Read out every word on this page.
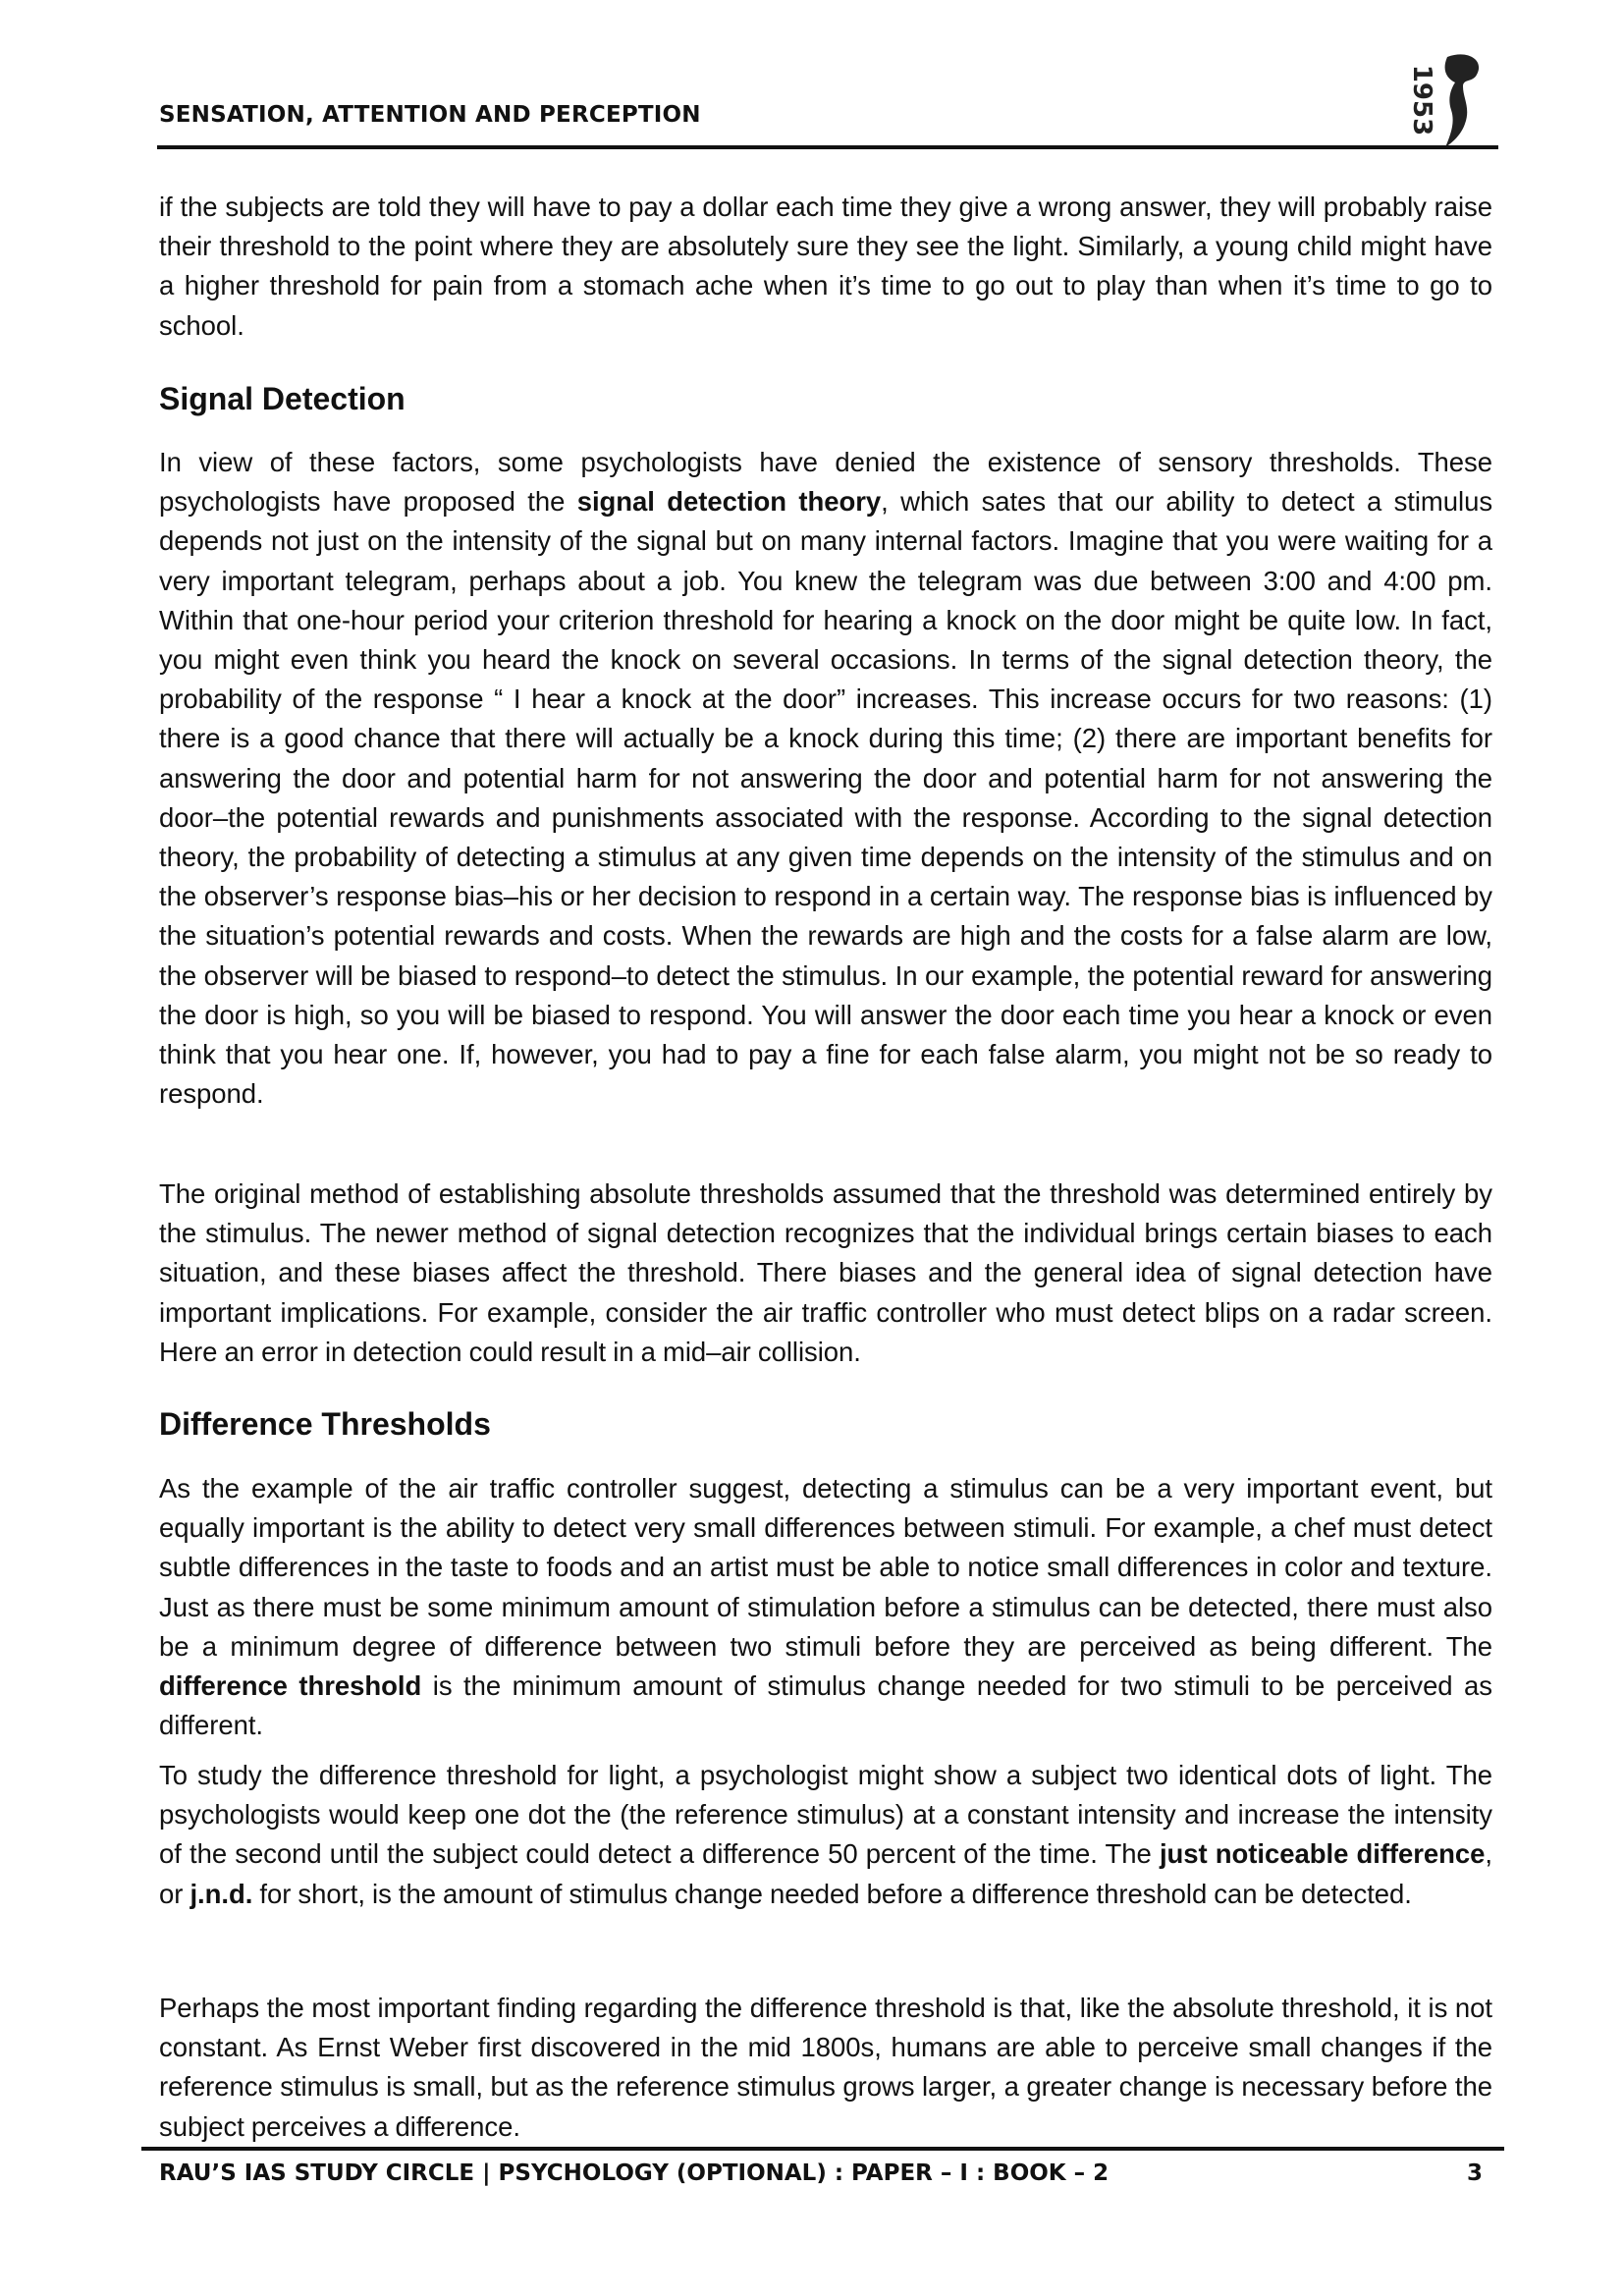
SENSATION, ATTENTION AND PERCEPTION	1953

if the subjects are told they will have to pay a dollar each time they give a wrong answer, they will probably raise their threshold to the point where they are absolutely sure they see the light. Similarly, a young child might have a higher threshold for pain from a stomach ache when it’s time to go out to play than when it’s time to go to school.

Signal Detection

In view of these factors, some psychologists have denied the existence of sensory thresholds. These psychologists have proposed the signal detection theory, which sates that our ability to detect a stimulus depends not just on the intensity of the signal but on many internal factors. Imagine that you were waiting for a very important telegram, perhaps about a job. You knew the telegram was due between 3:00 and 4:00 pm. Within that one-hour period your criterion threshold for hearing a knock on the door might be quite low. In fact, you might even think you heard the knock on several occasions. In terms of the signal detection theory, the probability of the response “ I hear a knock at the door” increases. This increase occurs for two reasons: (1) there is a good chance that there will actually be a knock during this time; (2) there are important benefits for answering the door and potential harm for not answering the door and potential harm for not answering the door–the potential rewards and punishments associated with the response. According to the signal detection theory, the probability of detecting a stimulus at any given time depends on the intensity of the stimulus and on the observer’s response bias–his or her decision to respond in a certain way. The response bias is influenced by the situation’s potential rewards and costs. When the rewards are high and the costs for a false alarm are low, the observer will be biased to respond–to detect the stimulus. In our example, the potential reward for answering the door is high, so you will be biased to respond. You will answer the door each time you hear a knock or even think that you hear one. If, however, you had to pay a fine for each false alarm, you might not be so ready to respond.

The original method of establishing absolute thresholds assumed that the threshold was determined entirely by the stimulus. The newer method of signal detection recognizes that the individual brings certain biases to each situation, and these biases affect the threshold. There biases and the general idea of signal detection have important implications. For example, consider the air traffic controller who must detect blips on a radar screen. Here an error in detection could result in a mid–air collision.

Difference Thresholds

As the example of the air traffic controller suggest, detecting a stimulus can be a very important event, but equally important is the ability to detect very small differences between stimuli. For example, a chef must detect subtle differences in the taste to foods and an artist must be able to notice small differences in color and texture. Just as there must be some minimum amount of stimulation before a stimulus can be detected, there must also be a minimum degree of difference between two stimuli before they are perceived as being different. The difference threshold is the minimum amount of stimulus change needed for two stimuli to be perceived as different.

To study the difference threshold for light, a psychologist might show a subject two identical dots of light. The psychologists would keep one dot the (the reference stimulus) at a constant intensity and increase the intensity of the second until the subject could detect a difference 50 percent of the time. The just noticeable difference, or j.n.d. for short, is the amount of stimulus change needed before a difference threshold can be detected.

Perhaps the most important finding regarding the difference threshold is that, like the absolute threshold, it is not constant. As Ernst Weber first discovered in the mid 1800s, humans are able to perceive small changes if the reference stimulus is small, but as the reference stimulus grows larger, a greater change is necessary before the subject perceives a difference.

RAU’S IAS STUDY CIRCLE | PSYCHOLOGY (OPTIONAL) : PAPER – I : BOOK – 2	3
